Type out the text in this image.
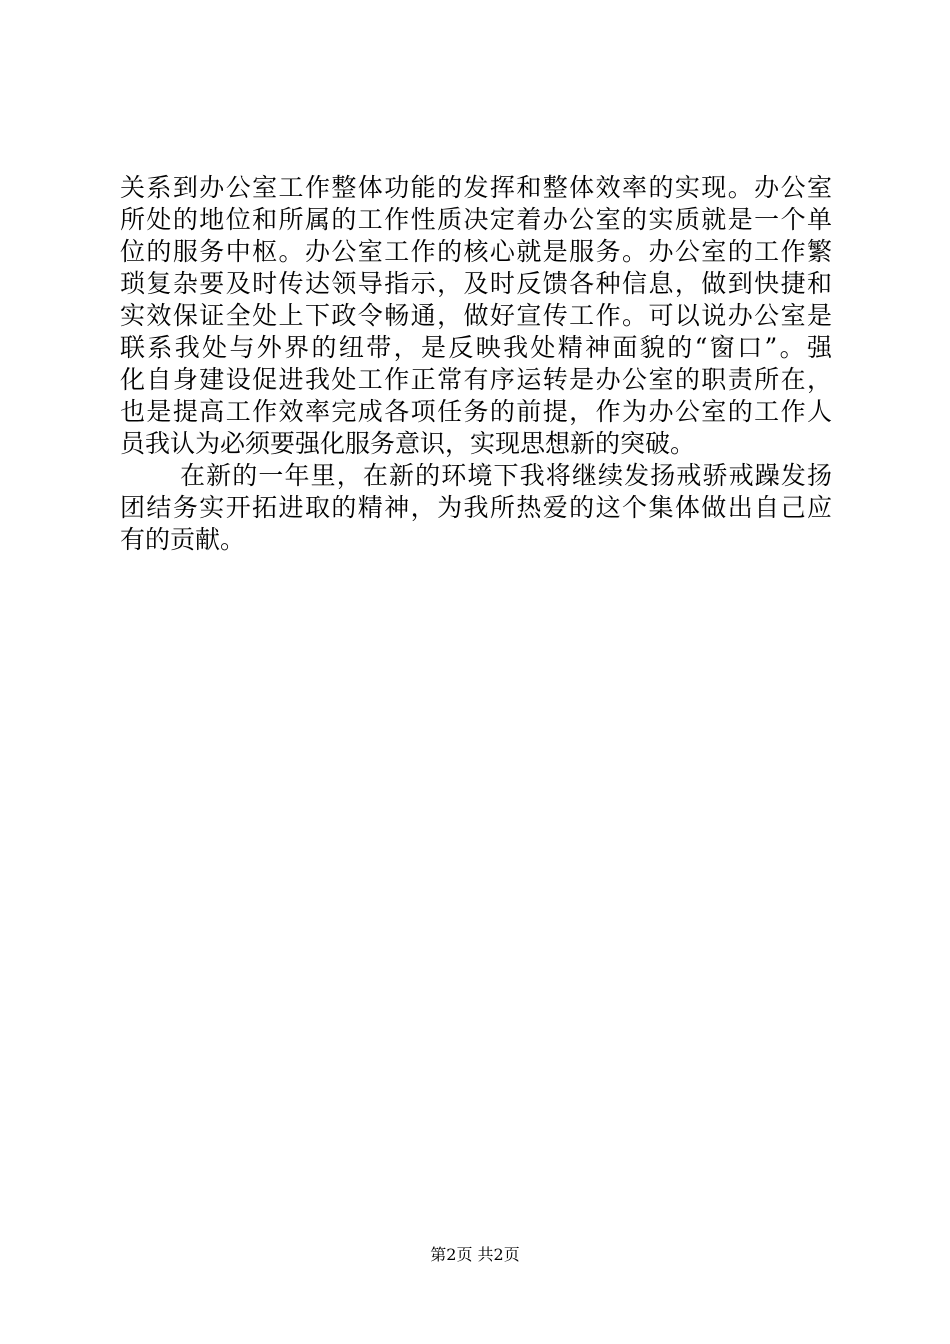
关系到办公室工作整体功能的发挥和整体效率的实现。办公室
所处的地位和所属的工作性质决定着办公室的实质就是一个单
位的服务中枢。办公室工作的核心就是服务。办公室的工作繁
琐复杂要及时传达领导指示，及时反馈各种信息，做到快捷和
实效保证全处上下政令畅通，做好宣传工作。可以说办公室是
联系我处与外界的纽带，是反映我处精神面貌的“窗口”。强
化自身建设促进我处工作正常有序运转是办公室的职责所在，
也是提高工作效率完成各项任务的前提，作为办公室的工作人
员我认为必须要强化服务意识，实现思想新的突破。
在新的一年里，在新的环境下我将继续发扬戒骄戒躁发扬
团结务实开拓进取的精神，为我所热爱的这个集体做出自己应
有的贡献。
第2页 共2页
